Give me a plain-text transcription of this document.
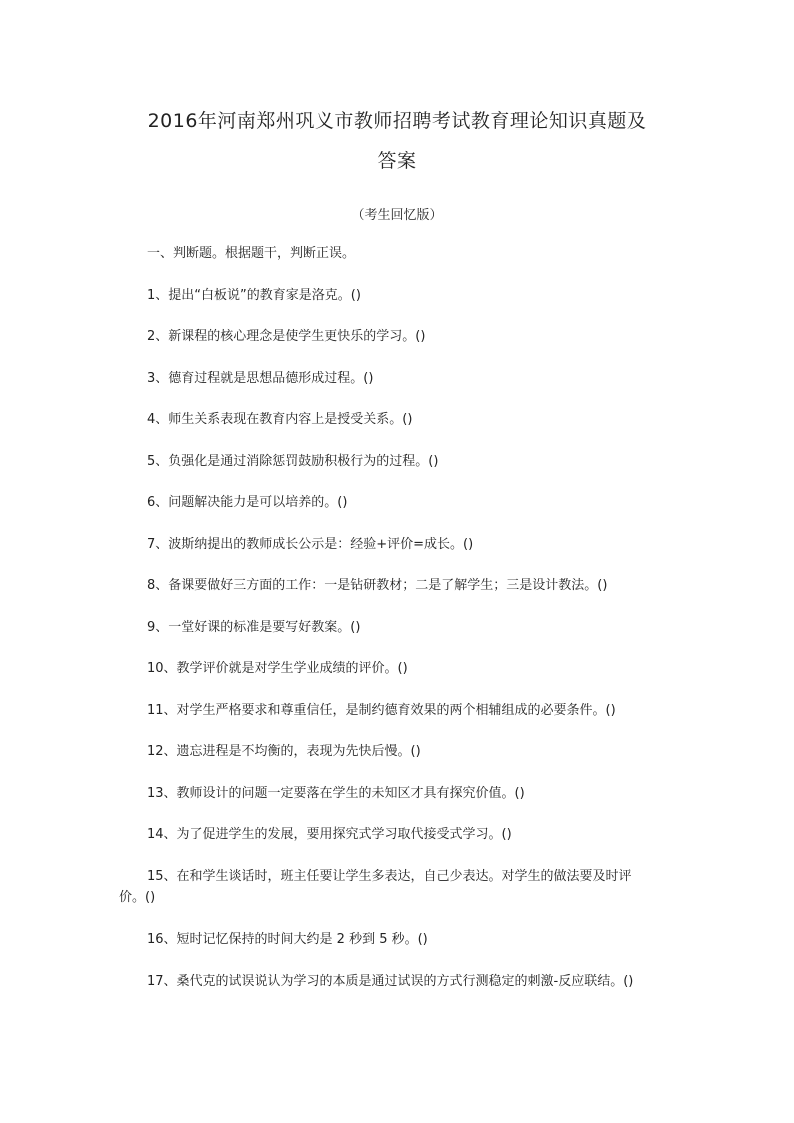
2016年河南郑州巩义市教师招聘考试教育理论知识真题及
答案
（考生回忆版）
一、判断题。根据题干，判断正误。
1、提出“白板说”的教育家是洛克。()
2、新课程的核心理念是使学生更快乐的学习。()
3、德育过程就是思想品德形成过程。()
4、师生关系表现在教育内容上是授受关系。()
5、负强化是通过消除惩罚鼓励积极行为的过程。()
6、问题解决能力是可以培养的。()
7、波斯纳提出的教师成长公示是：经验+评价=成长。()
8、备课要做好三方面的工作：一是钻研教材；二是了解学生；三是设计教法。()
9、一堂好课的标准是要写好教案。()
10、教学评价就是对学生学业成绩的评价。()
11、对学生严格要求和尊重信任，是制约德育效果的两个相辅组成的必要条件。()
12、遗忘进程是不均衡的，表现为先快后慢。()
13、教师设计的问题一定要落在学生的未知区才具有探究价值。()
14、为了促进学生的发展，要用探究式学习取代接受式学习。()
15、在和学生谈话时，班主任要让学生多表达，自己少表达。对学生的做法要及时评
价。()
16、短时记忆保持的时间大约是 2 秒到 5 秒。()
17、桑代克的试误说认为学习的本质是通过试误的方式行测稳定的刺激-反应联结。()
